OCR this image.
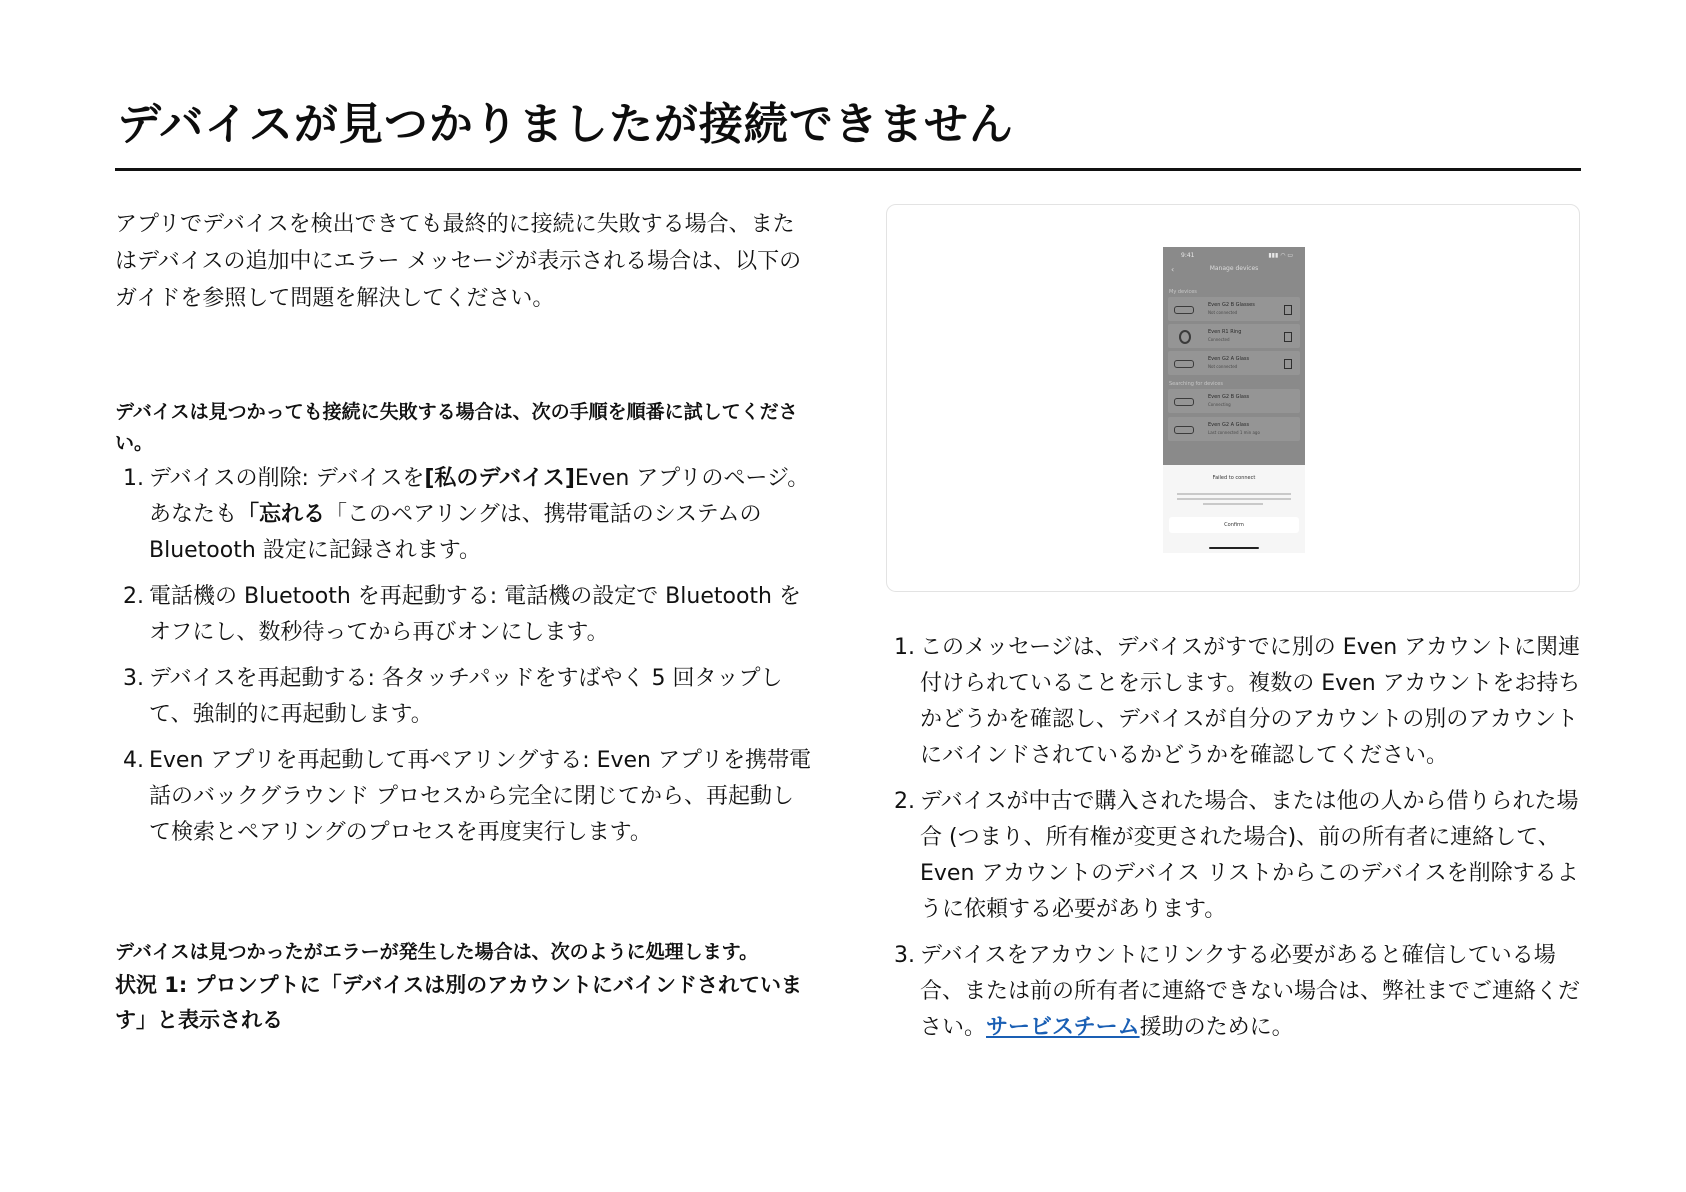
デバイスが見つかりましたが接続できません

アプリでデバイスを検出できても最終的に接続に失敗する場合、またはデバイスの追加中にエラー メッセージが表示される場合は、以下のガイドを参照して問題を解決してください。

デバイスは見つかっても接続に失敗する場合は、次の手順を順番に試してください。

1. デバイスの削除: デバイスを[私のデバイス]Even アプリのページ。あなたも「忘れる「このペアリングは、携帯電話のシステムの Bluetooth 設定に記録されます。
2. 電話機の Bluetooth を再起動する: 電話機の設定で Bluetooth をオフにし、数秒待ってから再びオンにします。
3. デバイスを再起動する: 各タッチパッドをすばやく 5 回タップして、強制的に再起動します。
4. Even アプリを再起動して再ペアリングする: Even アプリを携帯電話のバックグラウンド プロセスから完全に閉じてから、再起動して検索とペアリングのプロセスを再度実行します。

デバイスは見つかったがエラーが発生した場合は、次のように処理します。

状況 1: プロンプトに「デバイスは別のアカウントにバインドされています」と表示される

9:41	▮▮▮ ◠ ▭
‹	Manage devices
My devices
Even G2 B Glasses
Not connected
Even R1 Ring
Connected
Even G2 A Glass
Not connected
Searching for devices
Even G2 B Glass
Connecting
Even G2 A Glass
Last connected 1 min ago
Failed to connect
Confirm
1. このメッセージは、デバイスがすでに別の Even アカウントに関連付けられていることを示します。複数の Even アカウントをお持ちかどうかを確認し、デバイスが自分のアカウントの別のアカウントにバインドされているかどうかを確認してください。
2. デバイスが中古で購入された場合、または他の人から借りられた場合 (つまり、所有権が変更された場合)、前の所有者に連絡して、Even アカウントのデバイス リストからこのデバイスを削除するように依頼する必要があります。
3. デバイスをアカウントにリンクする必要があると確信している場合、または前の所有者に連絡できない場合は、弊社までご連絡ください。サービスチーム援助のために。
